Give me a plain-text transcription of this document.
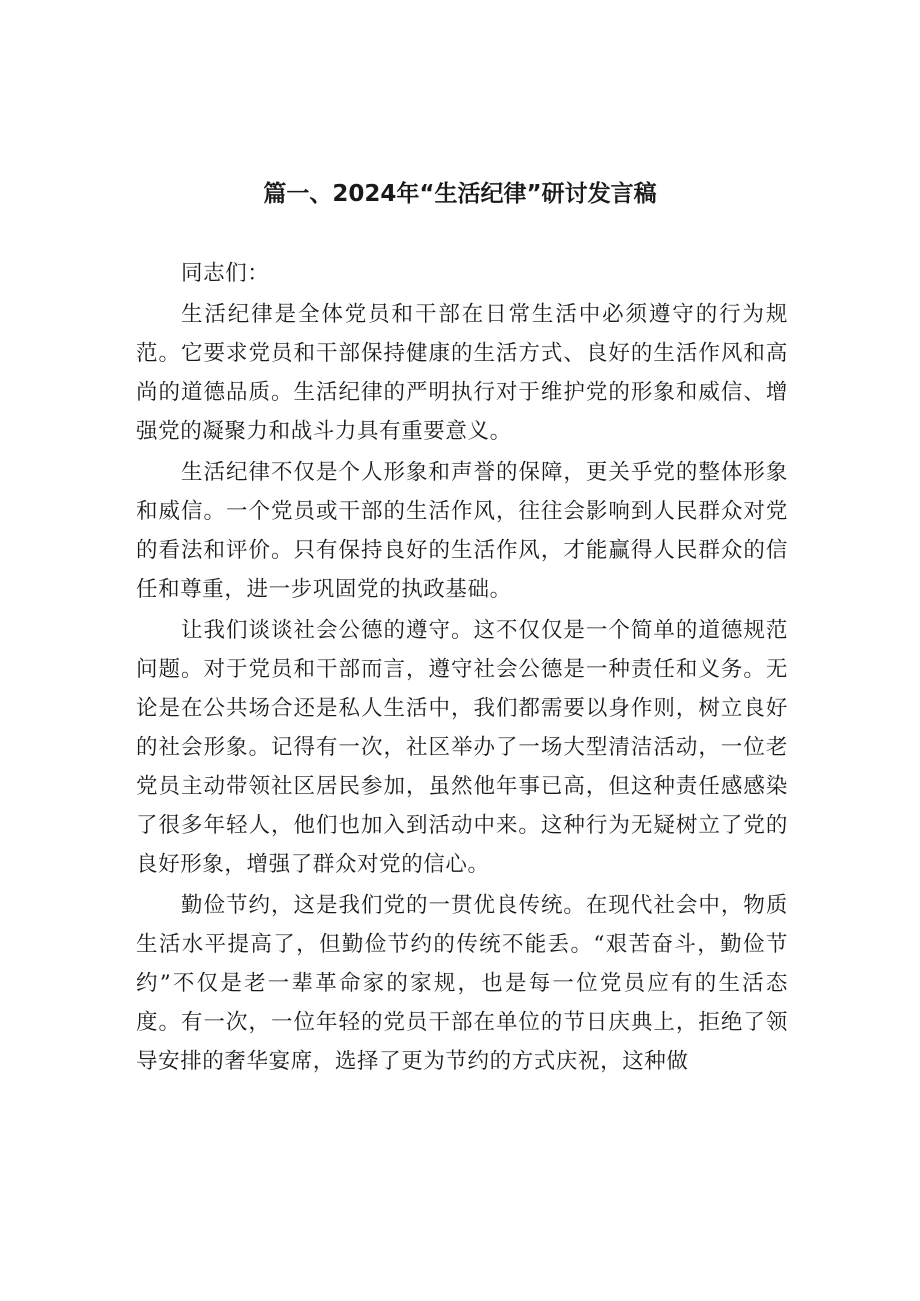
篇一、2024年“生活纪律”研讨发言稿

同志们：

生活纪律是全体党员和干部在日常生活中必须遵守的行为规范。它要求党员和干部保持健康的生活方式、良好的生活作风和高尚的道德品质。生活纪律的严明执行对于维护党的形象和威信、增强党的凝聚力和战斗力具有重要意义。

生活纪律不仅是个人形象和声誉的保障，更关乎党的整体形象和威信。一个党员或干部的生活作风，往往会影响到人民群众对党的看法和评价。只有保持良好的生活作风，才能赢得人民群众的信任和尊重，进一步巩固党的执政基础。

让我们谈谈社会公德的遵守。这不仅仅是一个简单的道德规范问题。对于党员和干部而言，遵守社会公德是一种责任和义务。无论是在公共场合还是私人生活中，我们都需要以身作则，树立良好的社会形象。记得有一次，社区举办了一场大型清洁活动，一位老党员主动带领社区居民参加，虽然他年事已高，但这种责任感感染了很多年轻人，他们也加入到活动中来。这种行为无疑树立了党的良好形象，增强了群众对党的信心。

勤俭节约，这是我们党的一贯优良传统。在现代社会中，物质生活水平提高了，但勤俭节约的传统不能丢。“艰苦奋斗，勤俭节约”不仅是老一辈革命家的家规，也是每一位党员应有的生活态度。有一次，一位年轻的党员干部在单位的节日庆典上，拒绝了领导安排的奢华宴席，选择了更为节约的方式庆祝，这种做
